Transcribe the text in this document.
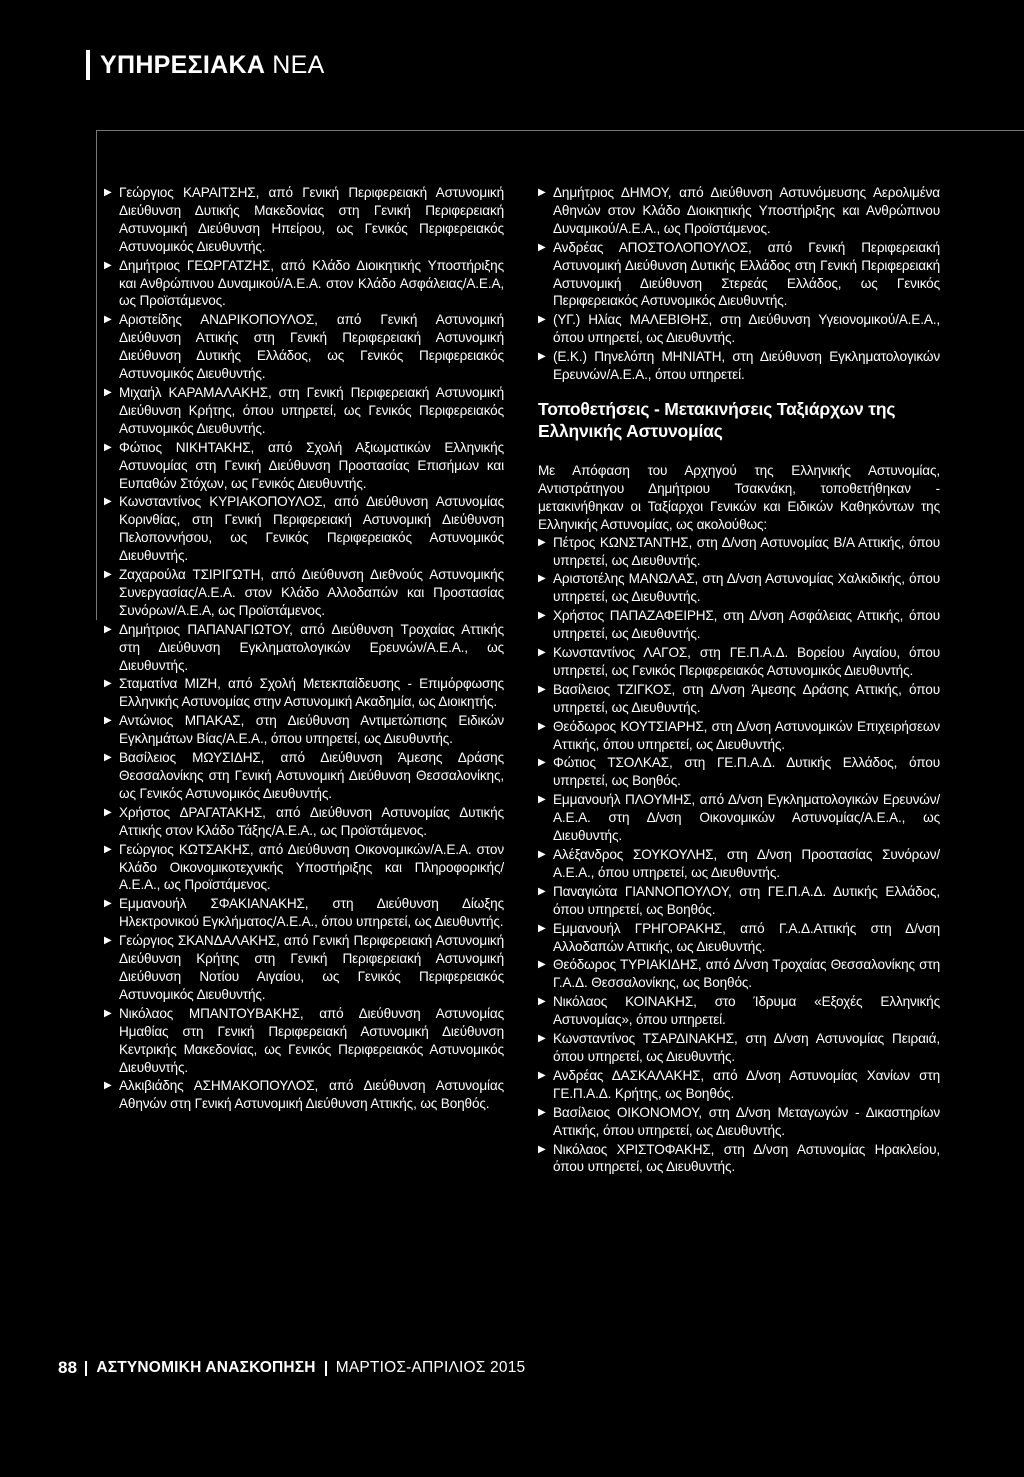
ΥΠΗΡΕΣΙΑΚΑ ΝΕΑ

▶ Γεώργιος ΚΑΡΑΙΤΣΗΣ, από Γενική Περιφερειακή Αστυνομική Διεύθυνση Δυτικής Μακεδονίας στη Γενική Περιφερειακή Αστυνομική Διεύθυνση Ηπείρου, ως Γενικός Περιφερειακός Αστυνομικός Διευθυντής.

▶ Δημήτριος ΓΕΩΡΓΑΤΖΗΣ, από Κλάδο Διοικητικής Υποστήριξης και Ανθρώπινου Δυναμικού/Α.Ε.Α. στον Κλάδο Ασφάλειας/Α.Ε.Α, ως Προϊστάμενος.

▶ Αριστείδης ΑΝΔΡΙΚΟΠΟΥΛΟΣ, από Γενική Αστυνομική Διεύθυνση Αττικής στη Γενική Περιφερειακή Αστυνομική Διεύθυνση Δυτικής Ελλάδος, ως Γενικός Περιφερειακός Αστυνομικός Διευθυντής.

▶ Μιχαήλ ΚΑΡΑΜΑΛΑΚΗΣ, στη Γενική Περιφερειακή Αστυνομική Διεύθυνση Κρήτης, όπου υπηρετεί, ως Γενικός Περιφερειακός Αστυνομικός Διευθυντής.

▶ Φώτιος ΝΙΚΗΤΑΚΗΣ, από Σχολή Αξιωματικών Ελληνικής Αστυνομίας στη Γενική Διεύθυνση Προστασίας Επισήμων και Ευπαθών Στόχων, ως Γενικός Διευθυντής.

▶ Κωνσταντίνος ΚΥΡΙΑΚΟΠΟΥΛΟΣ, από Διεύθυνση Αστυνομίας Κορινθίας, στη Γενική Περιφερειακή Αστυνομική Διεύθυνση Πελοποννήσου, ως Γενικός Περιφερειακός Αστυνομικός Διευθυντής.

▶ Ζαχαρούλα ΤΣΙΡΙΓΩΤΗ, από Διεύθυνση Διεθνούς Αστυνομικής Συνεργασίας/Α.Ε.Α. στον Κλάδο Αλλοδαπών και Προστασίας Συνόρων/Α.Ε.Α, ως Προϊστάμενος.

▶ Δημήτριος ΠΑΠΑΝΑΓΙΩΤΟΥ, από Διεύθυνση Τροχαίας Αττικής στη Διεύθυνση Εγκληματολογικών Ερευνών/Α.Ε.Α., ως Διευθυντής.

▶ Σταματίνα ΜΙΖΗ, από Σχολή Μετεκπαίδευσης - Επιμόρφωσης Ελληνικής Αστυνομίας στην Αστυνομική Ακαδημία, ως Διοικητής.

▶ Αντώνιος ΜΠΑΚΑΣ, στη Διεύθυνση Αντιμετώπισης Ειδικών Εγκλημάτων Βίας/Α.Ε.Α., όπου υπηρετεί, ως Διευθυντής.

▶ Βασίλειος ΜΩΥΣΙΔΗΣ, από Διεύθυνση Άμεσης Δράσης Θεσσαλονίκης στη Γενική Αστυνομική Διεύθυνση Θεσσαλονίκης, ως Γενικός Αστυνομικός Διευθυντής.

▶ Χρήστος ΔΡΑΓΑΤΑΚΗΣ, από Διεύθυνση Αστυνομίας Δυτικής Αττικής στον Κλάδο Τάξης/Α.Ε.Α., ως Προϊστάμενος.

▶ Γεώργιος ΚΩΤΣΑΚΗΣ, από Διεύθυνση Οικονομικών/Α.Ε.Α. στον Κλάδο Οικονομικοτεχνικής Υποστήριξης και Πληροφορικής/Α.Ε.Α., ως Προϊστάμενος.

▶ Εμμανουήλ ΣΦΑΚΙΑΝΑΚΗΣ, στη Διεύθυνση Δίωξης Ηλεκτρονικού Εγκλήματος/Α.Ε.Α., όπου υπηρετεί, ως Διευθυντής.

▶ Γεώργιος ΣΚΑΝΔΑΛΑΚΗΣ, από Γενική Περιφερειακή Αστυνομική Διεύθυνση Κρήτης στη Γενική Περιφερειακή Αστυνομική Διεύθυνση Νοτίου Αιγαίου, ως Γενικός Περιφερειακός Αστυνομικός Διευθυντής.

▶ Νικόλαος ΜΠΑΝΤΟΥΒΑΚΗΣ, από Διεύθυνση Αστυνομίας Ημαθίας στη Γενική Περιφερειακή Αστυνομική Διεύθυνση Κεντρικής Μακεδονίας, ως Γενικός Περιφερειακός Αστυνομικός Διευθυντής.

▶ Αλκιβιάδης ΑΣΗΜΑΚΟΠΟΥΛΟΣ, από Διεύθυνση Αστυνομίας Αθηνών στη Γενική Αστυνομική Διεύθυνση Αττικής, ως Βοηθός.

▶ Δημήτριος ΔΗΜΟΥ, από Διεύθυνση Αστυνόμευσης Αερολιμένα Αθηνών στον Κλάδο Διοικητικής Υποστήριξης και Ανθρώπινου Δυναμικού/Α.Ε.Α., ως Προϊστάμενος.

▶ Ανδρέας ΑΠΟΣΤΟΛΟΠΟΥΛΟΣ, από Γενική Περιφερειακή Αστυνομική Διεύθυνση Δυτικής Ελλάδος στη Γενική Περιφερειακή Αστυνομική Διεύθυνση Στερεάς Ελλάδος, ως Γενικός Περιφερειακός Αστυνομικός Διευθυντής.

▶ (ΥΓ.) Ηλίας ΜΑΛΕΒΙΘΗΣ, στη Διεύθυνση Υγειονομικού/Α.Ε.Α., όπου υπηρετεί, ως Διευθυντής.

▶ (Ε.Κ.) Πηνελόπη ΜΗΝΙΑΤΗ, στη Διεύθυνση Εγκληματολογικών Ερευνών/Α.Ε.Α., όπου υπηρετεί.

Τοποθετήσεις - Μετακινήσεις Ταξιάρχων της Ελληνικής Αστυνομίας

Με Απόφαση του Αρχηγού της Ελληνικής Αστυνομίας, Αντιστράτηγου Δημήτριου Τσακνάκη, τοποθετήθηκαν - μετακινήθηκαν οι Ταξίαρχοι Γενικών και Ειδικών Καθηκόντων της Ελληνικής Αστυνομίας, ως ακολούθως:

▶ Πέτρος ΚΩΝΣΤΑΝΤΗΣ, στη Δ/νση Αστυνομίας Β/Α Αττικής, όπου υπηρετεί, ως Διευθυντής.

▶ Αριστοτέλης ΜΑΝΩΛΑΣ, στη Δ/νση Αστυνομίας Χαλκιδικής, όπου υπηρετεί, ως Διευθυντής.

▶ Χρήστος ΠΑΠΑΖΑΦΕΙΡΗΣ, στη Δ/νση Ασφάλειας Αττικής, όπου υπηρετεί, ως Διευθυντής.

▶ Κωνσταντίνος ΛΑΓΟΣ, στη ΓΕ.Π.Α.Δ. Βορείου Αιγαίου, όπου υπηρετεί, ως Γενικός Περιφερειακός Αστυνομικός Διευθυντής.

▶ Βασίλειος ΤΖΙΓΚΟΣ, στη Δ/νση Άμεσης Δράσης Αττικής, όπου υπηρετεί, ως Διευθυντής.

▶ Θεόδωρος ΚΟΥΤΣΙΑΡΗΣ, στη Δ/νση Αστυνομικών Επιχειρήσεων Αττικής, όπου υπηρετεί, ως Διευθυντής.

▶ Φώτιος ΤΣΟΛΚΑΣ, στη ΓΕ.Π.Α.Δ. Δυτικής Ελλάδος, όπου υπηρετεί, ως Βοηθός.

▶ Εμμανουήλ ΠΛΟΥΜΗΣ, από Δ/νση Εγκληματολογικών Ερευνών/Α.Ε.Α. στη Δ/νση Οικονομικών Αστυνομίας/Α.Ε.Α., ως Διευθυντής.

▶ Αλέξανδρος ΣΟΥΚΟΥΛΗΣ, στη Δ/νση Προστασίας Συνόρων/Α.Ε.Α., όπου υπηρετεί, ως Διευθυντής.

▶ Παναγιώτα ΓΙΑΝΝΟΠΟΥΛΟΥ, στη ΓΕ.Π.Α.Δ. Δυτικής Ελλάδος, όπου υπηρετεί, ως Βοηθός.

▶ Εμμανουήλ ΓΡΗΓΟΡΑΚΗΣ, από Γ.Α.Δ.Αττικής στη Δ/νση Αλλοδαπών Αττικής, ως Διευθυντής.

▶ Θεόδωρος ΤΥΡΙΑΚΙΔΗΣ, από Δ/νση Τροχαίας Θεσσαλονίκης στη Γ.Α.Δ. Θεσσαλονίκης, ως Βοηθός.

▶ Νικόλαος ΚΟΙΝΑΚΗΣ, στο Ίδρυμα «Εξοχές Ελληνικής Αστυνομίας», όπου υπηρετεί.

▶ Κωνσταντίνος ΤΣΑΡΔΙΝΑΚΗΣ, στη Δ/νση Αστυνομίας Πειραιά, όπου υπηρετεί, ως Διευθυντής.

▶ Ανδρέας ΔΑΣΚΑΛΑΚΗΣ, από Δ/νση Αστυνομίας Χανίων στη ΓΕ.Π.Α.Δ. Κρήτης, ως Βοηθός.

▶ Βασίλειος ΟΙΚΟΝΟΜΟΥ, στη Δ/νση Μεταγωγών - Δικαστηρίων Αττικής, όπου υπηρετεί, ως Διευθυντής.

▶ Νικόλαος ΧΡΙΣΤΟΦΑΚΗΣ, στη Δ/νση Αστυνομίας Ηρακλείου, όπου υπηρετεί, ως Διευθυντής.

88 ΑΣΤΥΝΟΜΙΚΗ ΑΝΑΣΚΟΠΗΣΗ ΜΑΡΤΙΟΣ-ΑΠΡΙΛΙΟΣ 2015
